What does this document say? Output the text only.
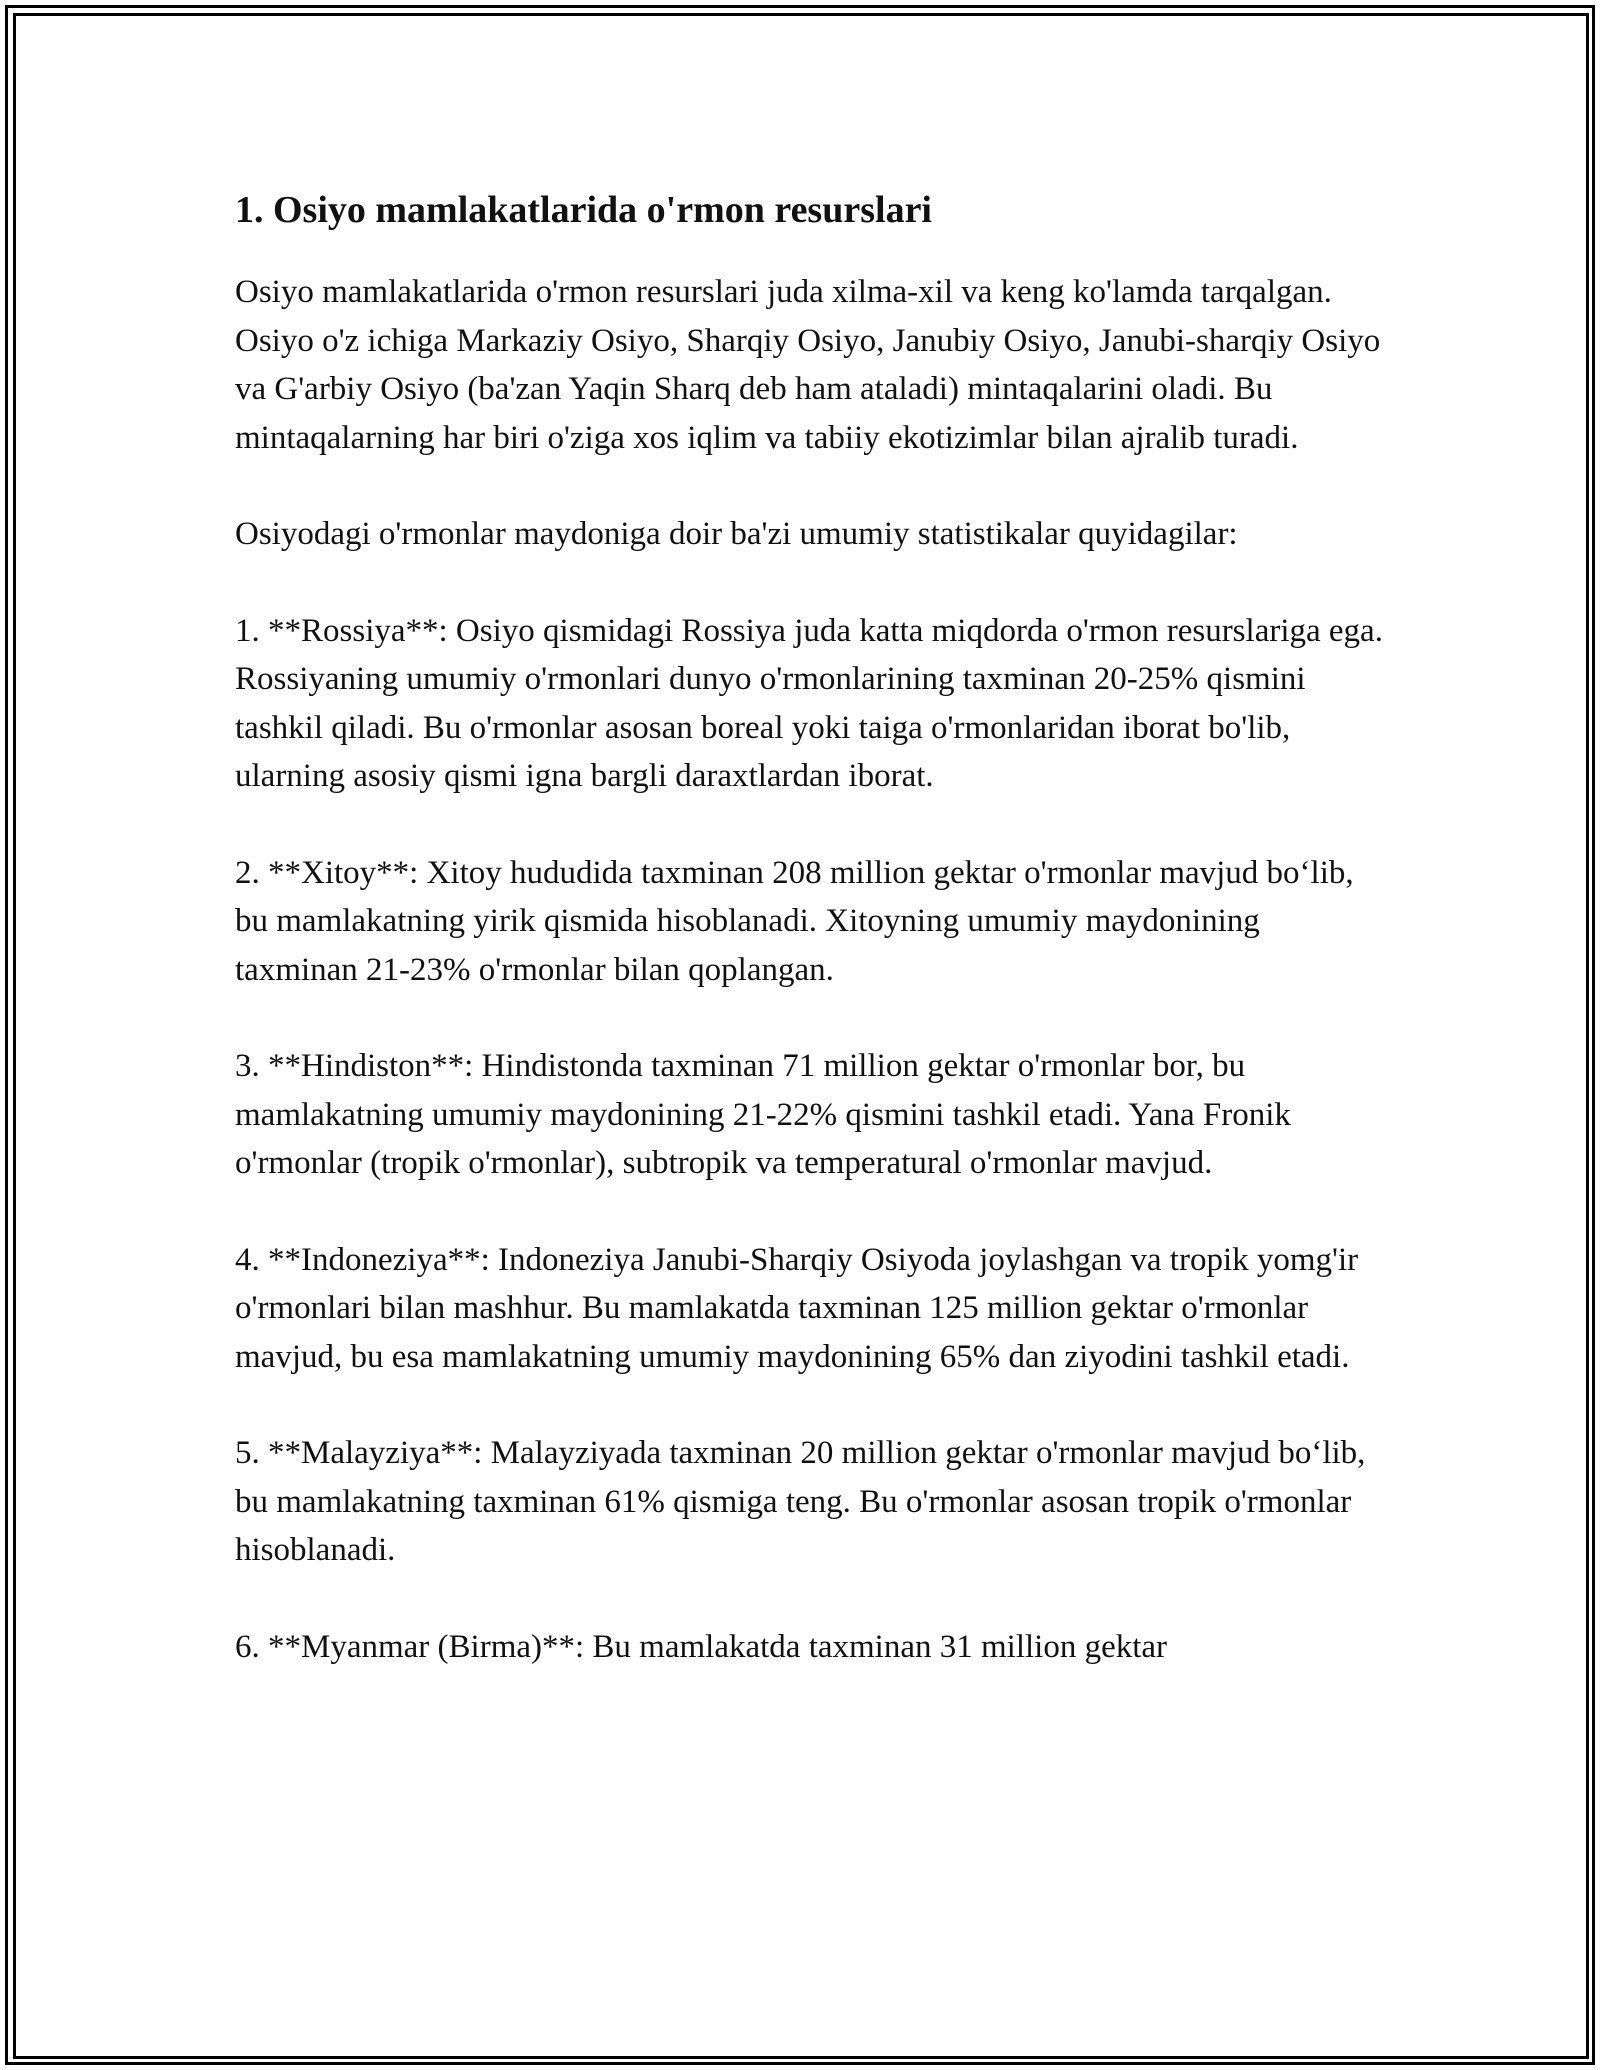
1. Osiyo mamlakatlarida o'rmon resurslari

Osiyo mamlakatlarida o'rmon resurslari juda xilma-xil va keng ko'lamda tarqalgan. Osiyo o'z ichiga Markaziy Osiyo, Sharqiy Osiyo, Janubiy Osiyo, Janubi-sharqiy Osiyo va G'arbiy Osiyo (ba'zan Yaqin Sharq deb ham ataladi) mintaqalarini oladi. Bu mintaqalarning har biri o'ziga xos iqlim va tabiiy ekotizimlar bilan ajralib turadi.

Osiyodagi o'rmonlar maydoniga doir ba'zi umumiy statistikalar quyidagilar:

1. **Rossiya**: Osiyo qismidagi Rossiya juda katta miqdorda o'rmon resurslariga ega. Rossiyaning umumiy o'rmonlari dunyo o'rmonlarining taxminan 20-25% qismini tashkil qiladi. Bu o'rmonlar asosan boreal yoki taiga o'rmonlaridan iborat bo'lib, ularning asosiy qismi igna bargli daraxtlardan iborat.

2. **Xitoy**: Xitoy hududida taxminan 208 million gektar o'rmonlar mavjud bo‘lib, bu mamlakatning yirik qismida hisoblanadi. Xitoyning umumiy maydonining taxminan 21-23% o'rmonlar bilan qoplangan.

3. **Hindiston**: Hindistonda taxminan 71 million gektar o'rmonlar bor, bu mamlakatning umumiy maydonining 21-22% qismini tashkil etadi. Yana Fronik o'rmonlar (tropik o'rmonlar), subtropik va temperatural o'rmonlar mavjud.

4. **Indoneziya**: Indoneziya Janubi-Sharqiy Osiyoda joylashgan va tropik yomg'ir o'rmonlari bilan mashhur. Bu mamlakatda taxminan 125 million gektar o'rmonlar mavjud, bu esa mamlakatning umumiy maydonining 65% dan ziyodini tashkil etadi.

5. **Malayziya**: Malayziyada taxminan 20 million gektar o'rmonlar mavjud bo‘lib, bu mamlakatning taxminan 61% qismiga teng. Bu o'rmonlar asosan tropik o'rmonlar hisoblanadi.

6. **Myanmar (Birma)**: Bu mamlakatda taxminan 31 million gektar
